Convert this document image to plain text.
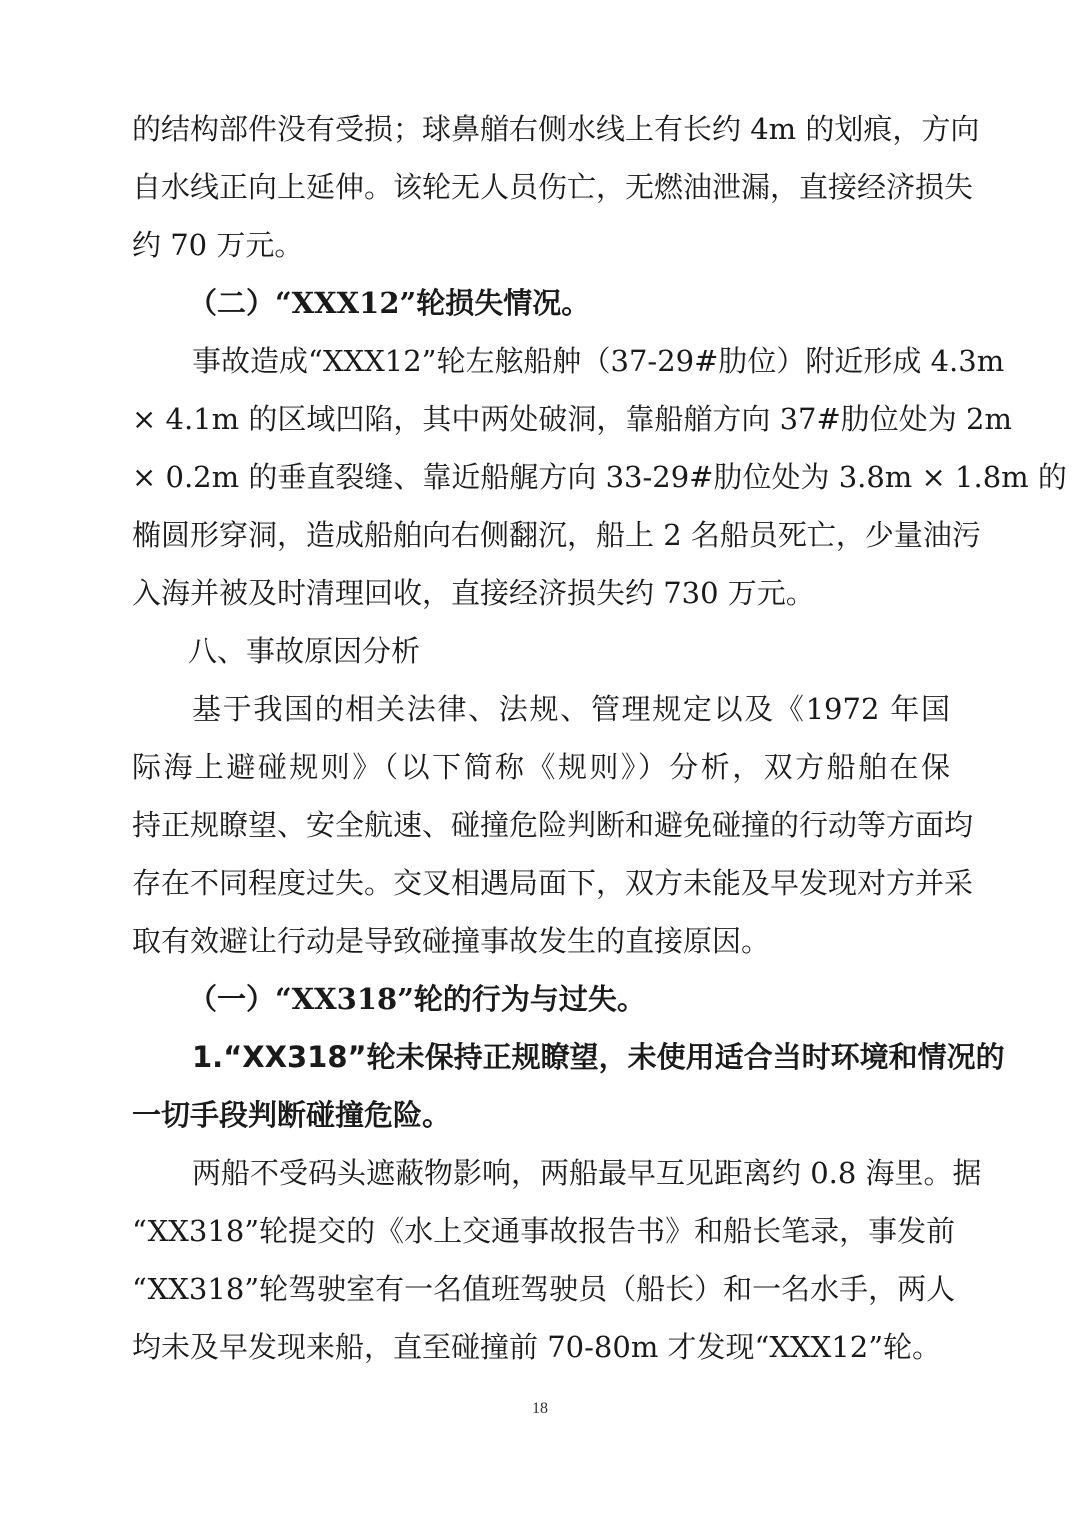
的结构部件没有受损；球鼻艏右侧水线上有长约 4m 的划痕，方向
自水线正向上延伸。该轮无人员伤亡，无燃油泄漏，直接经济损失
约 70 万元。
（二）“XXX12”轮损失情况。
事故造成“XXX12”轮左舷船舯（37-29#肋位）附近形成 4.3m
× 4.1m 的区域凹陷，其中两处破洞，靠船艏方向 37#肋位处为 2m
× 0.2m 的垂直裂缝、靠近船艉方向 33-29#肋位处为 3.8m × 1.8m 的
椭圆形穿洞，造成船舶向右侧翻沉，船上 2 名船员死亡，少量油污
入海并被及时清理回收，直接经济损失约 730 万元。
八、事故原因分析
基于我国的相关法律、法规、管理规定以及《1972 年国
际海上避碰规则》（以下简称《规则》）分析，双方船舶在保
持正规瞭望、安全航速、碰撞危险判断和避免碰撞的行动等方面均
存在不同程度过失。交叉相遇局面下，双方未能及早发现对方并采
取有效避让行动是导致碰撞事故发生的直接原因。
（一）“XX318”轮的行为与过失。
1.“XX318”轮未保持正规瞭望，未使用适合当时环境和情况的
一切手段判断碰撞危险。
两船不受码头遮蔽物影响，两船最早互见距离约 0.8 海里。据
“XX318”轮提交的《水上交通事故报告书》和船长笔录，事发前
“XX318”轮驾驶室有一名值班驾驶员（船长）和一名水手，两人
均未及早发现来船，直至碰撞前 70-80m 才发现“XXX12”轮。
18
